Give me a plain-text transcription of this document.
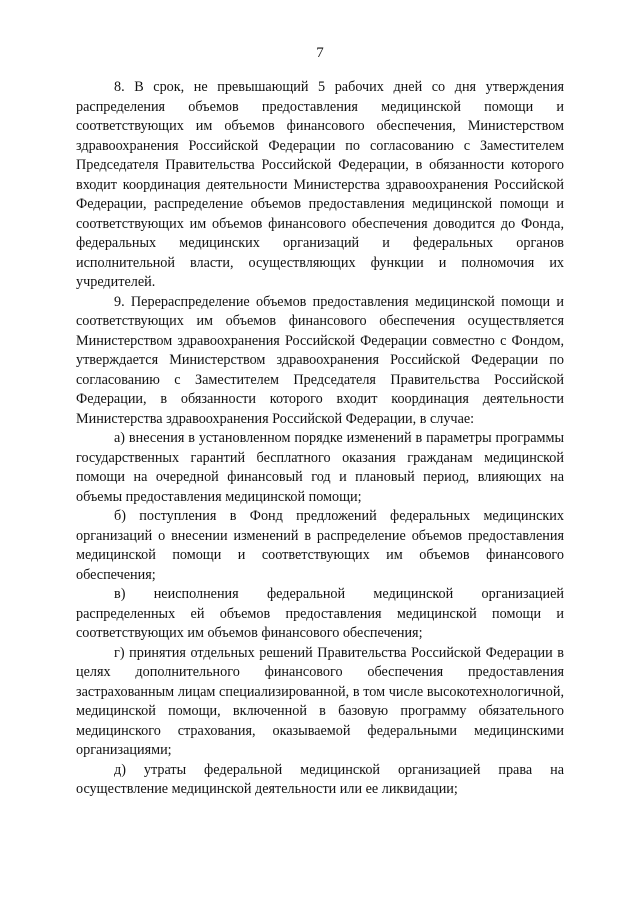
7

8. В срок, не превышающий 5 рабочих дней со дня утверждения распределения объемов предоставления медицинской помощи и соответствующих им объемов финансового обеспечения, Министерством здравоохранения Российской Федерации по согласованию с Заместителем Председателя Правительства Российской Федерации, в обязанности которого входит координация деятельности Министерства здравоохранения Российской Федерации, распределение объемов предоставления медицинской помощи и соответствующих им объемов финансового обеспечения доводится до Фонда, федеральных медицинских организаций и федеральных органов исполнительной власти, осуществляющих функции и полномочия их учредителей.

9. Перераспределение объемов предоставления медицинской помощи и соответствующих им объемов финансового обеспечения осуществляется Министерством здравоохранения Российской Федерации совместно с Фондом, утверждается Министерством здравоохранения Российской Федерации по согласованию с Заместителем Председателя Правительства Российской Федерации, в обязанности которого входит координация деятельности Министерства здравоохранения Российской Федерации, в случае:

а) внесения в установленном порядке изменений в параметры программы государственных гарантий бесплатного оказания гражданам медицинской помощи на очередной финансовый год и плановый период, влияющих на объемы предоставления медицинской помощи;

б) поступления в Фонд предложений федеральных медицинских организаций о внесении изменений в распределение объемов предоставления медицинской помощи и соответствующих им объемов финансового обеспечения;

в) неисполнения федеральной медицинской организацией распределенных ей объемов предоставления медицинской помощи и соответствующих им объемов финансового обеспечения;

г) принятия отдельных решений Правительства Российской Федерации в целях дополнительного финансового обеспечения предоставления застрахованным лицам специализированной, в том числе высокотехнологичной, медицинской помощи, включенной в базовую программу обязательного медицинского страхования, оказываемой федеральными медицинскими организациями;

д) утраты федеральной медицинской организацией права на осуществление медицинской деятельности или ее ликвидации;
